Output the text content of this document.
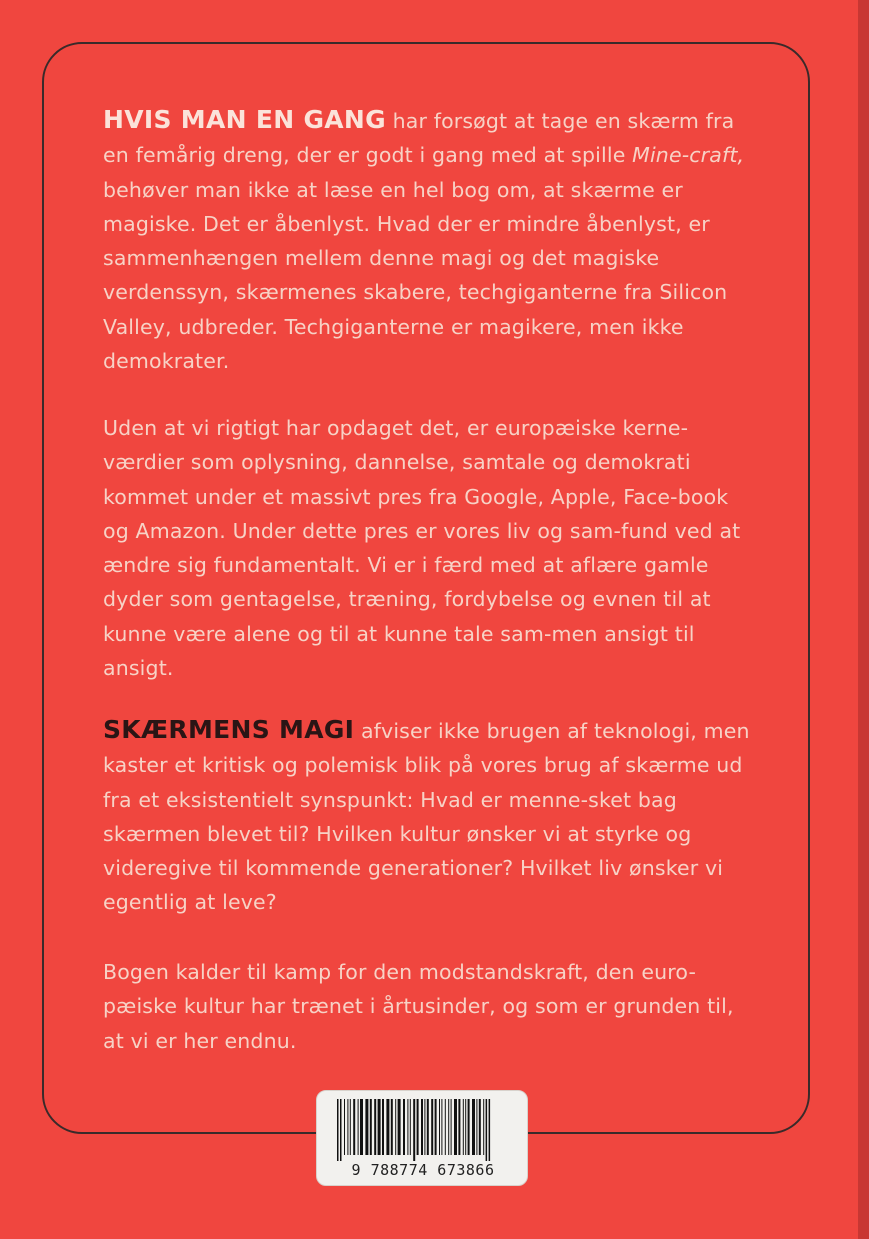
HVIS MAN EN GANG har forsøgt at tage en skærm fra en femårig dreng, der er godt i gang med at spille Mine-craft, behøver man ikke at læse en hel bog om, at skærme er magiske. Det er åbenlyst. Hvad der er mindre åbenlyst, er sammenhængen mellem denne magi og det magiske verdenssyn, skærmenes skabere, techgiganterne fra Silicon Valley, udbreder. Techgiganterne er magikere, men ikke demokrater.

Uden at vi rigtigt har opdaget det, er europæiske kerne-værdier som oplysning, dannelse, samtale og demokrati kommet under et massivt pres fra Google, Apple, Face-book og Amazon. Under dette pres er vores liv og sam-fund ved at ændre sig fundamentalt. Vi er i færd med at aflære gamle dyder som gentagelse, træning, fordybelse og evnen til at kunne være alene og til at kunne tale sam-men ansigt til ansigt.

SKÆRMENS MAGI afviser ikke brugen af teknologi, men kaster et kritisk og polemisk blik på vores brug af skærme ud fra et eksistentielt synspunkt: Hvad er menne-sket bag skærmen blevet til? Hvilken kultur ønsker vi at styrke og videregive til kommende generationer? Hvilket liv ønsker vi egentlig at leve?

Bogen kalder til kamp for den modstandskraft, den euro-pæiske kultur har trænet i årtusinder, og som er grunden til, at vi er her endnu.

9 788774 673866
